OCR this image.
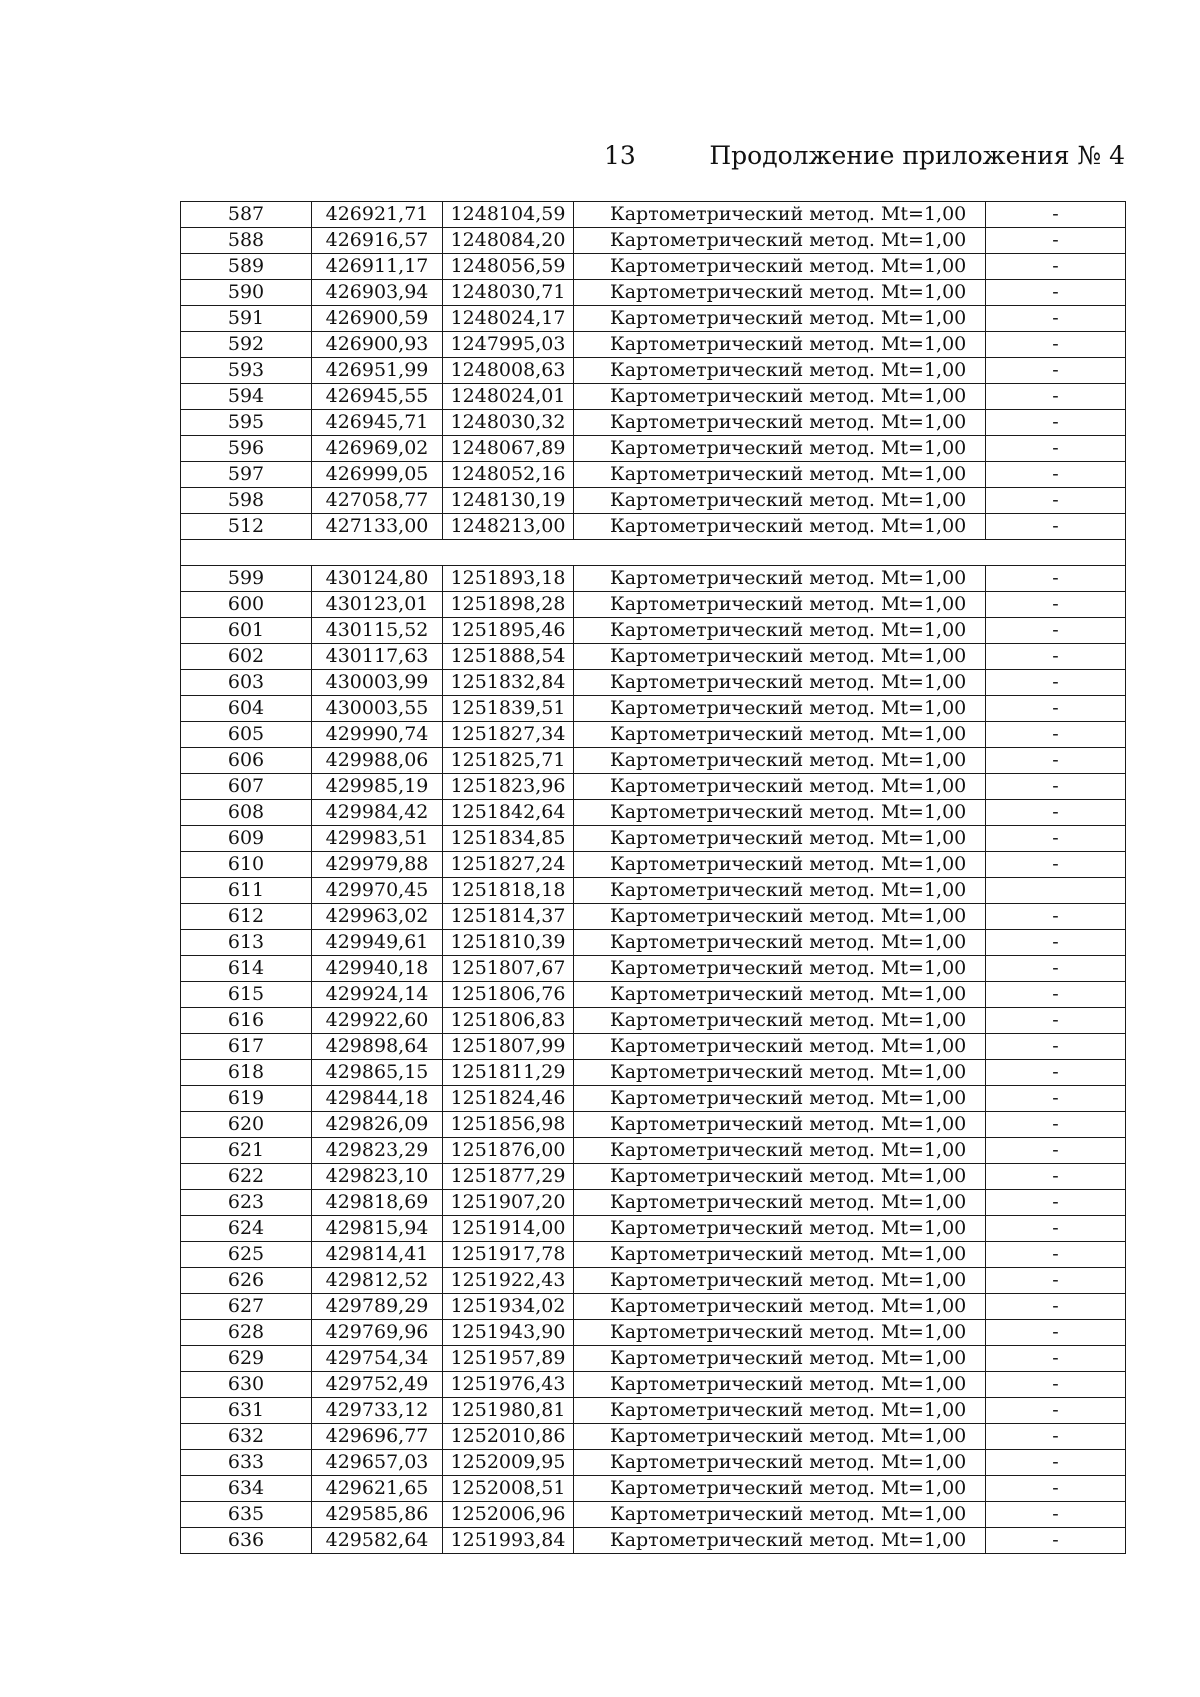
13	Продолжение приложения № 4
587	426921,71	1248104,59	Картометрический метод. Mt=1,00	-
588	426916,57	1248084,20	Картометрический метод. Mt=1,00	-
589	426911,17	1248056,59	Картометрический метод. Mt=1,00	-
590	426903,94	1248030,71	Картометрический метод. Mt=1,00	-
591	426900,59	1248024,17	Картометрический метод. Mt=1,00	-
592	426900,93	1247995,03	Картометрический метод. Mt=1,00	-
593	426951,99	1248008,63	Картометрический метод. Mt=1,00	-
594	426945,55	1248024,01	Картометрический метод. Mt=1,00	-
595	426945,71	1248030,32	Картометрический метод. Mt=1,00	-
596	426969,02	1248067,89	Картометрический метод. Mt=1,00	-
597	426999,05	1248052,16	Картометрический метод. Mt=1,00	-
598	427058,77	1248130,19	Картометрический метод. Mt=1,00	-
512	427133,00	1248213,00	Картометрический метод. Mt=1,00	-

599	430124,80	1251893,18	Картометрический метод. Mt=1,00	-
600	430123,01	1251898,28	Картометрический метод. Mt=1,00	-
601	430115,52	1251895,46	Картометрический метод. Mt=1,00	-
602	430117,63	1251888,54	Картометрический метод. Mt=1,00	-
603	430003,99	1251832,84	Картометрический метод. Mt=1,00	-
604	430003,55	1251839,51	Картометрический метод. Mt=1,00	-
605	429990,74	1251827,34	Картометрический метод. Mt=1,00	-
606	429988,06	1251825,71	Картометрический метод. Mt=1,00	-
607	429985,19	1251823,96	Картометрический метод. Mt=1,00	-
608	429984,42	1251842,64	Картометрический метод. Mt=1,00	-
609	429983,51	1251834,85	Картометрический метод. Mt=1,00	-
610	429979,88	1251827,24	Картометрический метод. Mt=1,00	-
611	429970,45	1251818,18	Картометрический метод. Mt=1,00	
612	429963,02	1251814,37	Картометрический метод. Mt=1,00	-
613	429949,61	1251810,39	Картометрический метод. Mt=1,00	-
614	429940,18	1251807,67	Картометрический метод. Mt=1,00	-
615	429924,14	1251806,76	Картометрический метод. Mt=1,00	-
616	429922,60	1251806,83	Картометрический метод. Mt=1,00	-
617	429898,64	1251807,99	Картометрический метод. Mt=1,00	-
618	429865,15	1251811,29	Картометрический метод. Mt=1,00	-
619	429844,18	1251824,46	Картометрический метод. Mt=1,00	-
620	429826,09	1251856,98	Картометрический метод. Mt=1,00	-
621	429823,29	1251876,00	Картометрический метод. Mt=1,00	-
622	429823,10	1251877,29	Картометрический метод. Mt=1,00	-
623	429818,69	1251907,20	Картометрический метод. Mt=1,00	-
624	429815,94	1251914,00	Картометрический метод. Mt=1,00	-
625	429814,41	1251917,78	Картометрический метод. Mt=1,00	-
626	429812,52	1251922,43	Картометрический метод. Mt=1,00	-
627	429789,29	1251934,02	Картометрический метод. Mt=1,00	-
628	429769,96	1251943,90	Картометрический метод. Mt=1,00	-
629	429754,34	1251957,89	Картометрический метод. Mt=1,00	-
630	429752,49	1251976,43	Картометрический метод. Mt=1,00	-
631	429733,12	1251980,81	Картометрический метод. Mt=1,00	-
632	429696,77	1252010,86	Картометрический метод. Mt=1,00	-
633	429657,03	1252009,95	Картометрический метод. Mt=1,00	-
634	429621,65	1252008,51	Картометрический метод. Mt=1,00	-
635	429585,86	1252006,96	Картометрический метод. Mt=1,00	-
636	429582,64	1251993,84	Картометрический метод. Mt=1,00	-
